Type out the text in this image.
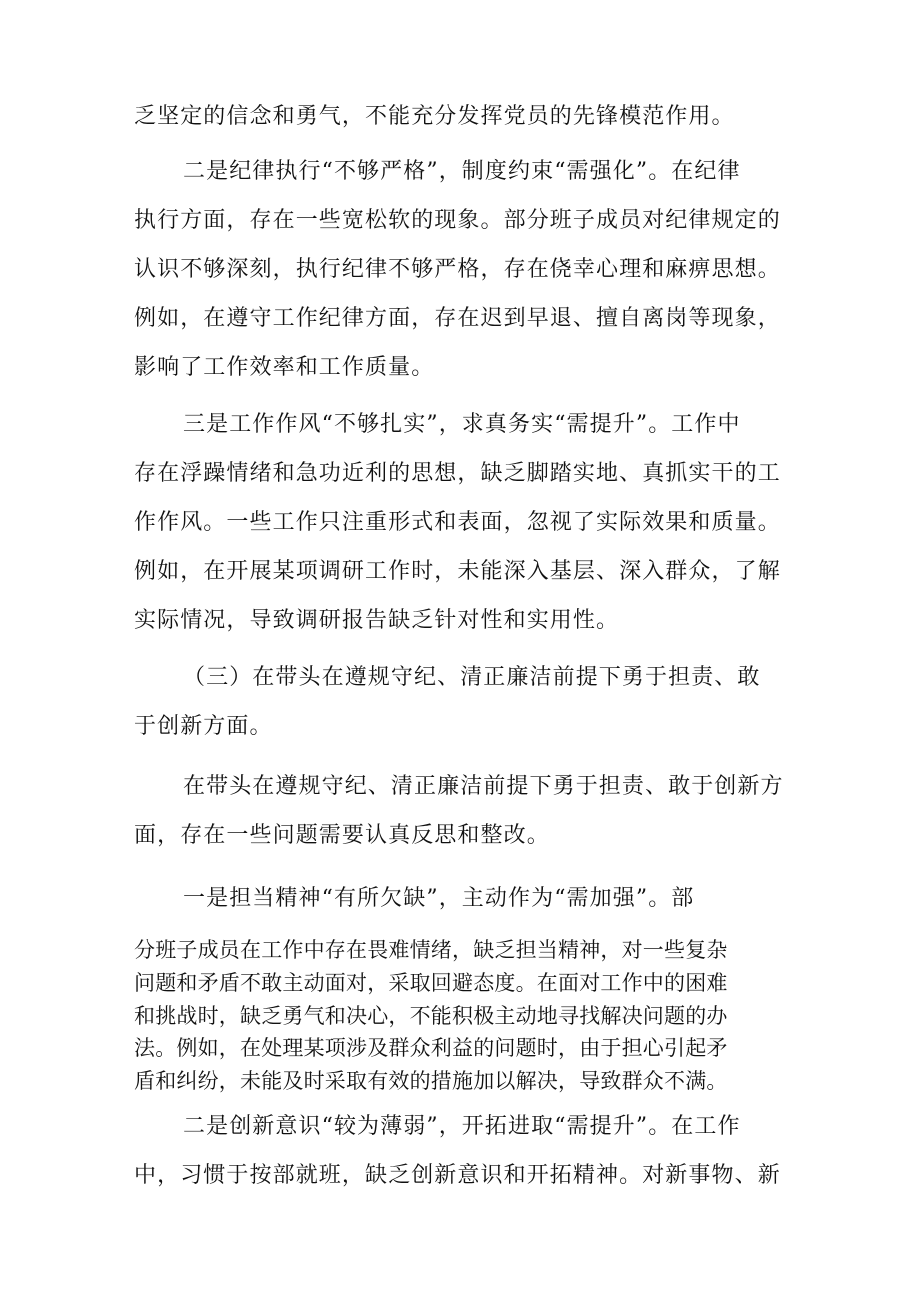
乏坚定的信念和勇气，不能充分发挥党员的先锋模范作用。
二是纪律执行“不够严格”，制度约束“需强化”。在纪律
执行方面，存在一些宽松软的现象。部分班子成员对纪律规定的
认识不够深刻，执行纪律不够严格，存在侥幸心理和麻痹思想。
例如，在遵守工作纪律方面，存在迟到早退、擅自离岗等现象，
影响了工作效率和工作质量。
三是工作作风“不够扎实”，求真务实“需提升”。工作中
存在浮躁情绪和急功近利的思想，缺乏脚踏实地、真抓实干的工
作作风。一些工作只注重形式和表面，忽视了实际效果和质量。
例如，在开展某项调研工作时，未能深入基层、深入群众，了解
实际情况，导致调研报告缺乏针对性和实用性。
（三）在带头在遵规守纪、清正廉洁前提下勇于担责、敢
于创新方面。
在带头在遵规守纪、清正廉洁前提下勇于担责、敢于创新方
面，存在一些问题需要认真反思和整改。
一是担当精神“有所欠缺”，主动作为“需加强”。部
分班子成员在工作中存在畏难情绪，缺乏担当精神，对一些复杂
问题和矛盾不敢主动面对，采取回避态度。在面对工作中的困难
和挑战时，缺乏勇气和决心，不能积极主动地寻找解决问题的办
法。例如，在处理某项涉及群众利益的问题时，由于担心引起矛
盾和纠纷，未能及时采取有效的措施加以解决，导致群众不满。
二是创新意识“较为薄弱”，开拓进取“需提升”。在工作
中，习惯于按部就班，缺乏创新意识和开拓精神。对新事物、新
